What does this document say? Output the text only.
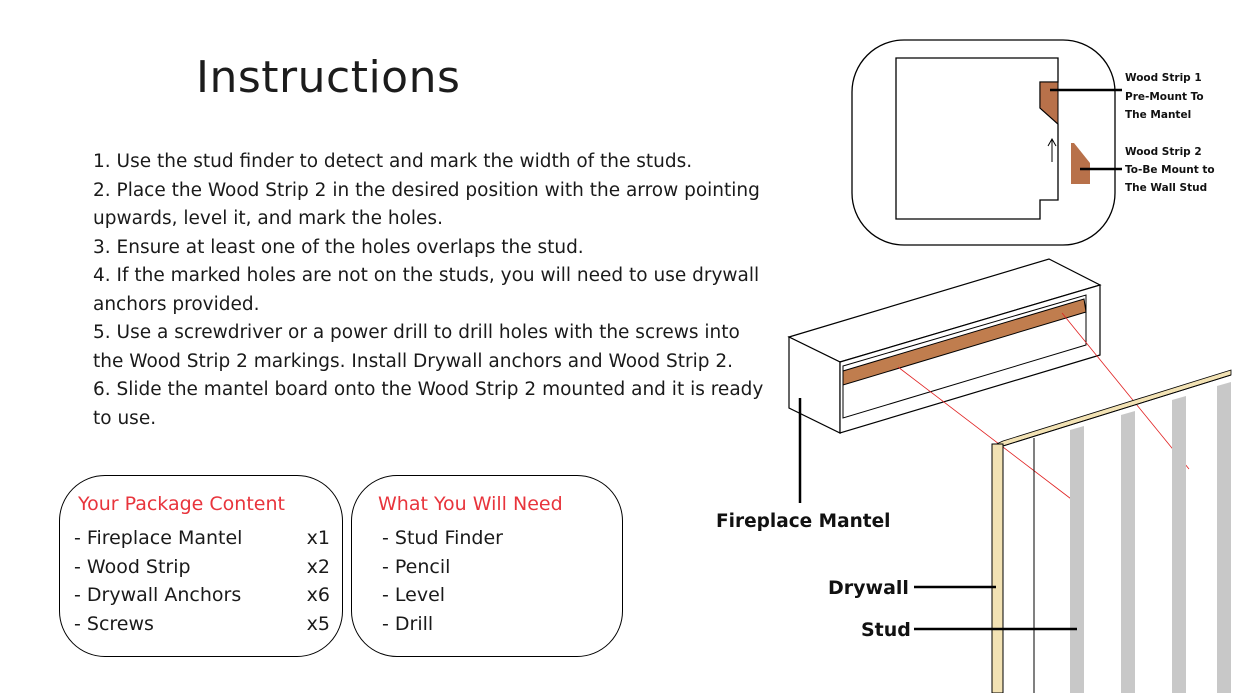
Instructions

1. Use the stud finder to detect and mark the width of the studs.

2. Place the Wood Strip 2 in the desired position with the arrow pointing upwards, level it, and mark the holes.

3. Ensure at least one of the holes overlaps the stud.

4. If the marked holes are not on the studs, you will need to use drywall anchors provided.

5. Use a screwdriver or a power drill to drill holes with the screws into the Wood Strip 2 markings. Install Drywall anchors and Wood Strip 2.

6. Slide the mantel board onto the Wood Strip 2 mounted and it is ready to use.

Your Package Content
- Fireplace Mantel	x1
- Wood Strip	x2
- Drywall Anchors	x6
- Screws	x5
What You Will Need
- Stud Finder
- Pencil
- Level
- Drill
Wood Strip 1
Pre-Mount To
The Mantel
Wood Strip 2
To-Be Mount to
The Wall Stud
Fireplace Mantel
Drywall
Stud
